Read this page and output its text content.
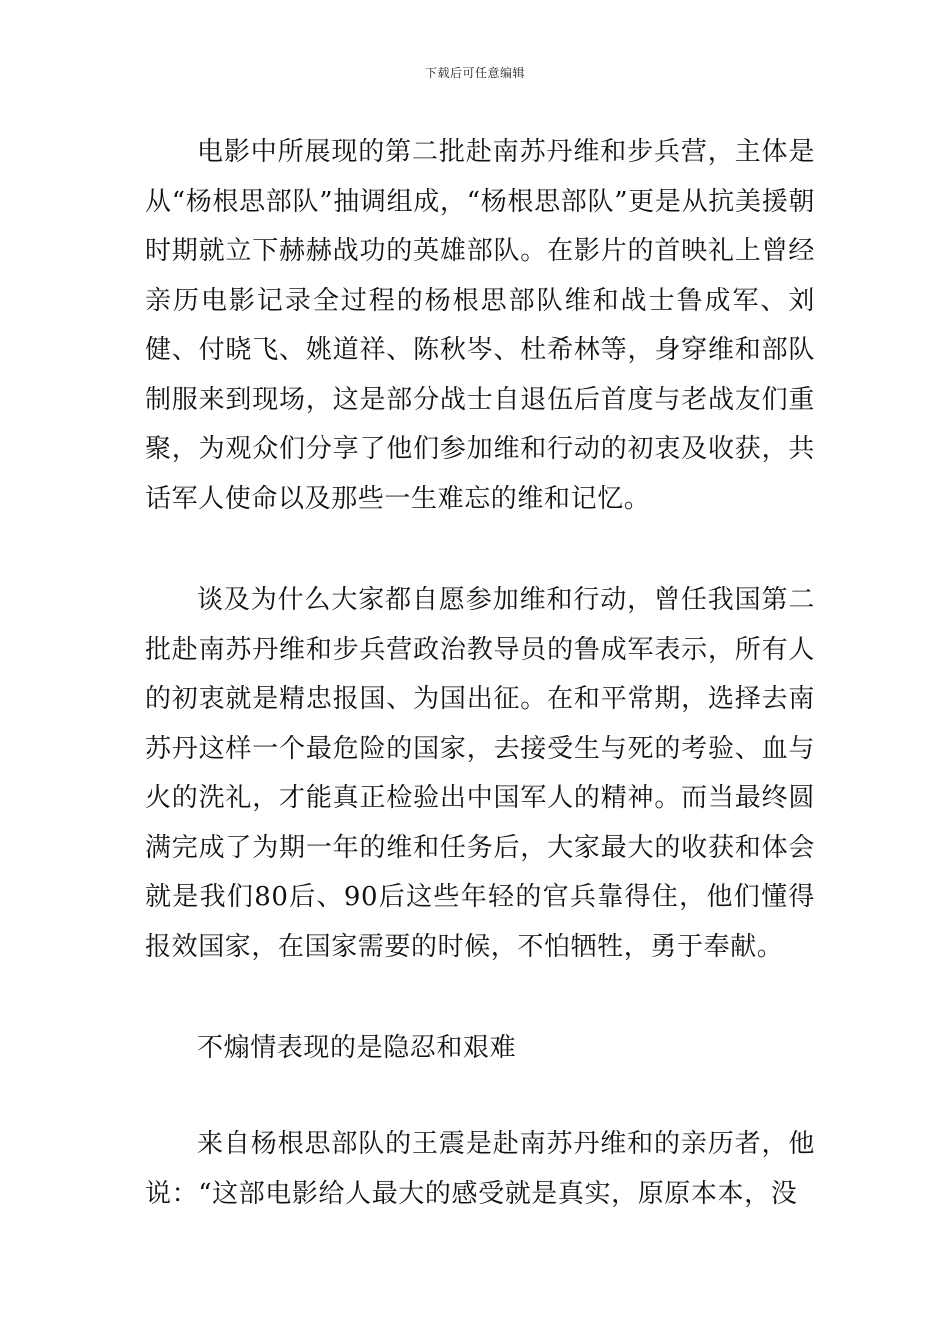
下载后可任意编辑

电影中所展现的第二批赴南苏丹维和步兵营，主体是从“杨根思部队”抽调组成，“杨根思部队”更是从抗美援朝时期就立下赫赫战功的英雄部队。在影片的首映礼上曾经亲历电影记录全过程的杨根思部队维和战士鲁成军、刘健、付晓飞、姚道祥、陈秋岑、杜希林等，身穿维和部队制服来到现场，这是部分战士自退伍后首度与老战友们重聚，为观众们分享了他们参加维和行动的初衷及收获，共话军人使命以及那些一生难忘的维和记忆。

谈及为什么大家都自愿参加维和行动，曾任我国第二批赴南苏丹维和步兵营政治教导员的鲁成军表示，所有人的初衷就是精忠报国、为国出征。在和平常期，选择去南苏丹这样一个最危险的国家，去接受生与死的考验、血与火的洗礼，才能真正检验出中国军人的精神。而当最终圆满完成了为期一年的维和任务后，大家最大的收获和体会就是我们80后、90后这些年轻的官兵靠得住，他们懂得报效国家，在国家需要的时候，不怕牺牲，勇于奉献。

不煽情表现的是隐忍和艰难

来自杨根思部队的王震是赴南苏丹维和的亲历者，他说：“这部电影给人最大的感受就是真实，原原本本，没
